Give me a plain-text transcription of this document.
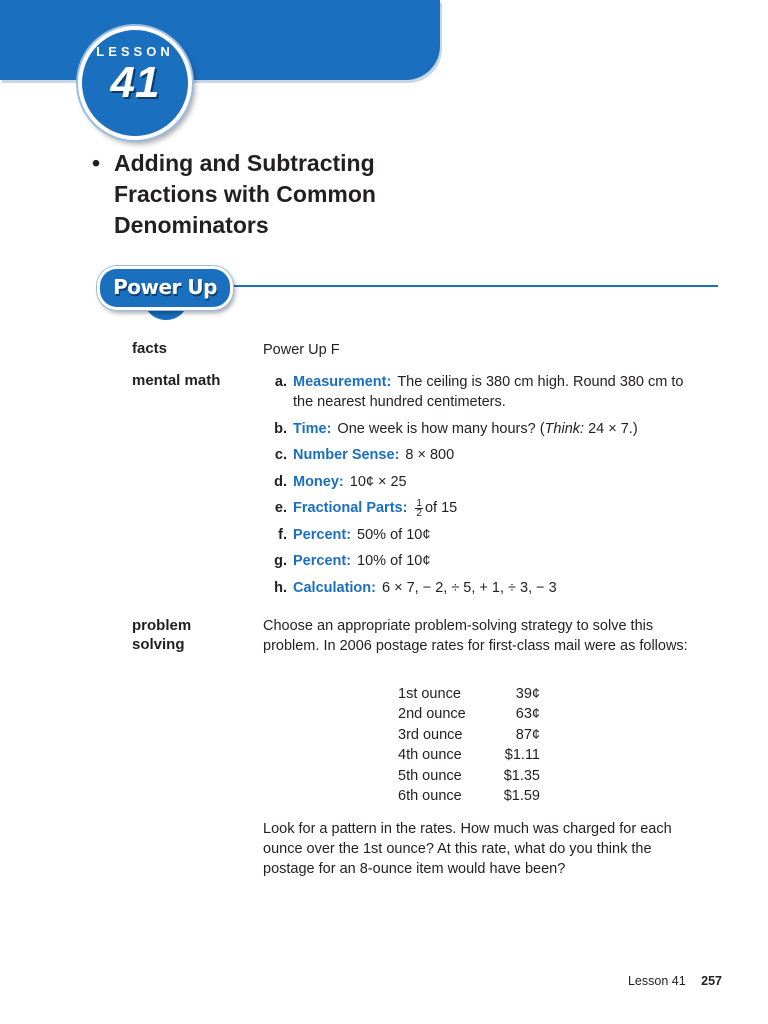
LESSON
41
• Adding and Subtracting Fractions with Common Denominators
Power Up
facts	Power Up F
mental math	a. Measurement: The ceiling is 380 cm high. Round 380 cm to the nearest hundred centimeters.
b. Time: One week is how many hours? (Think: 24 × 7.)
c. Number Sense: 8 × 800
d. Money: 10¢ × 25
e. Fractional Parts: $\frac{1}{2}$ of 15
f. Percent: 50% of 10¢
g. Percent: 10% of 10¢
h. Calculation: 6 × 7, − 2, ÷ 5, + 1, ÷ 3, − 3
problem solving
Choose an appropriate problem-solving strategy to solve this problem. In 2006 postage rates for first-class mail were as follows:
1st ounce	39¢
2nd ounce	63¢
3rd ounce	87¢
4th ounce	$1.11
5th ounce	$1.35
6th ounce	$1.59
Look for a pattern in the rates. How much was charged for each ounce over the 1st ounce? At this rate, what do you think the postage for an 8-ounce item would have been?
Lesson 41 257
